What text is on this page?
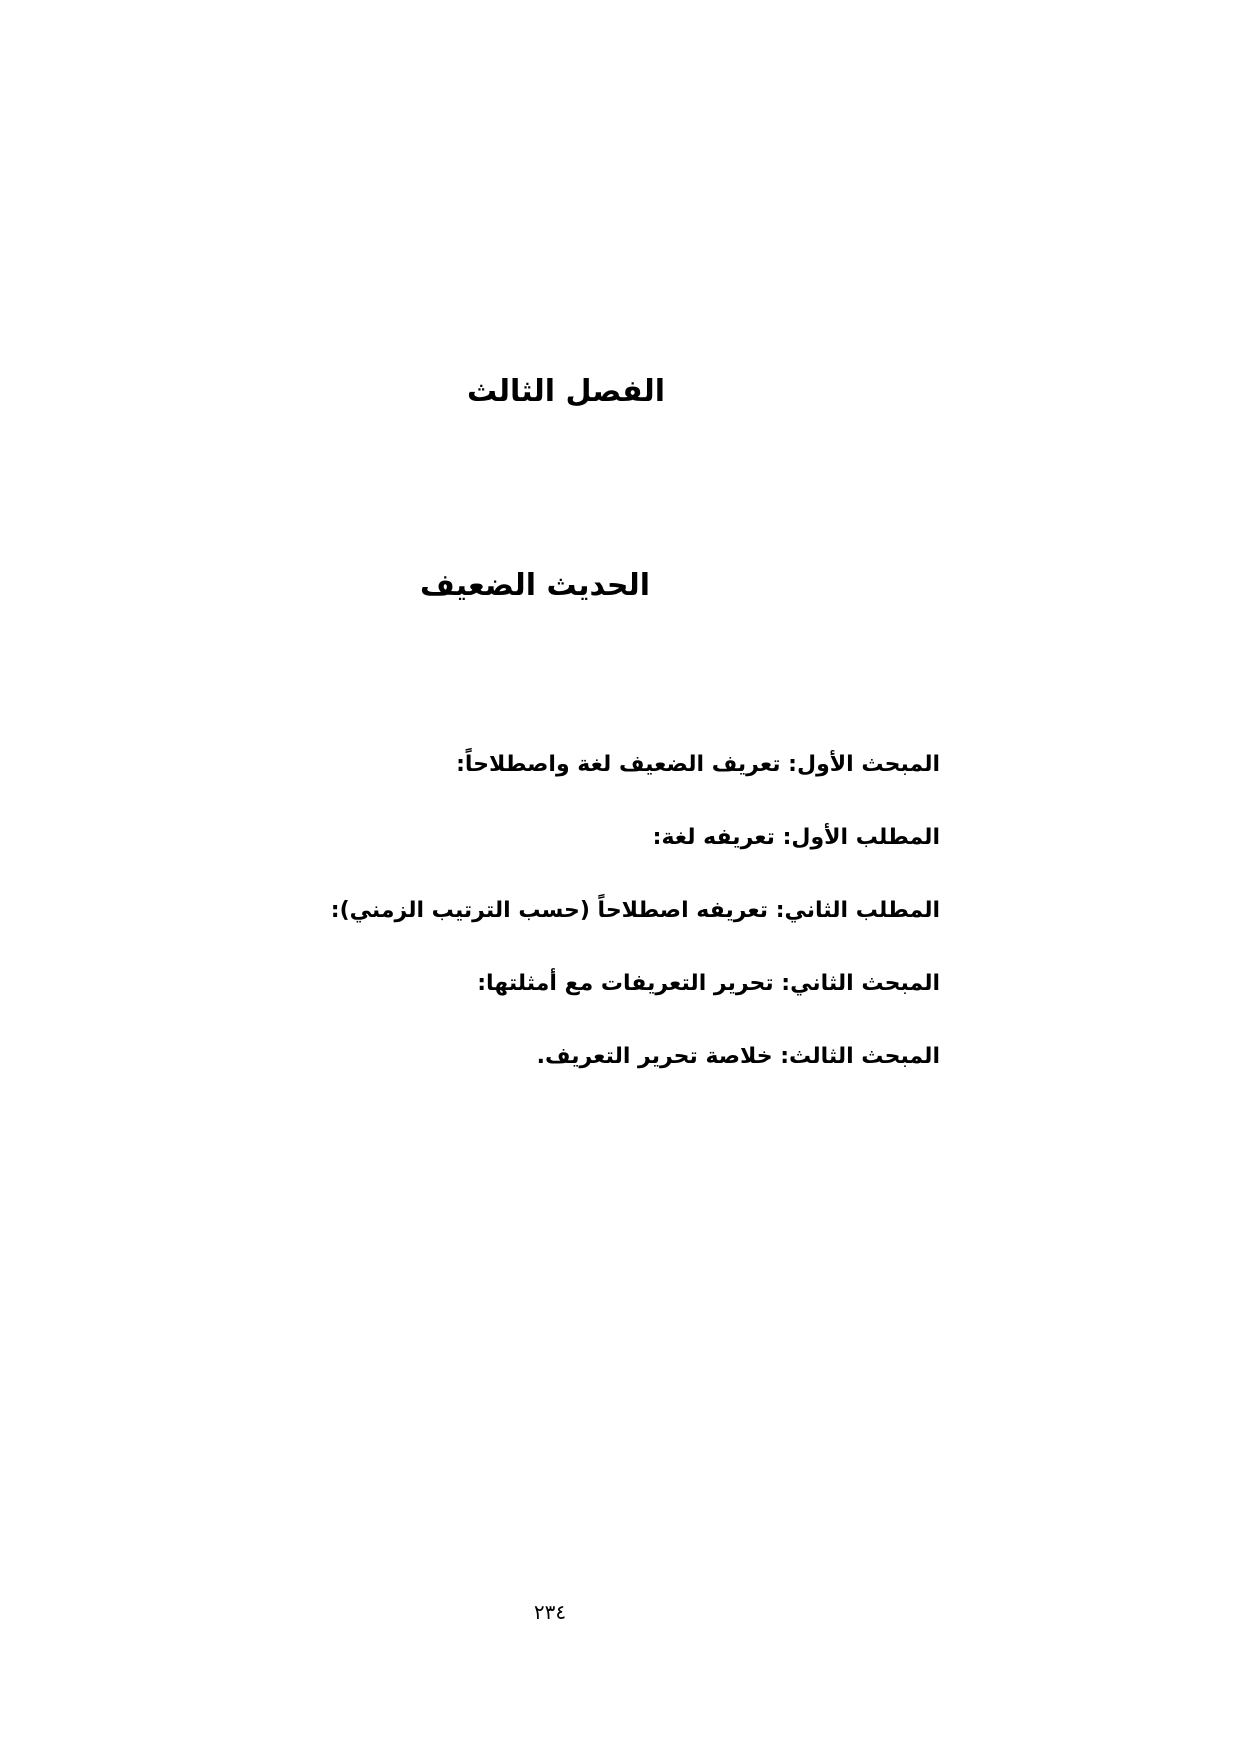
الفصل الثالث
الحديث الضعيف
المبحث الأول: تعريف الضعيف لغة واصطلاحاً:
المطلب الأول: تعريفه لغة:
المطلب الثاني: تعريفه اصطلاحاً (حسب الترتيب الزمني):
المبحث الثاني: تحرير التعريفات مع أمثلتها:
المبحث الثالث: خلاصة تحرير التعريف.
٢٣٤
